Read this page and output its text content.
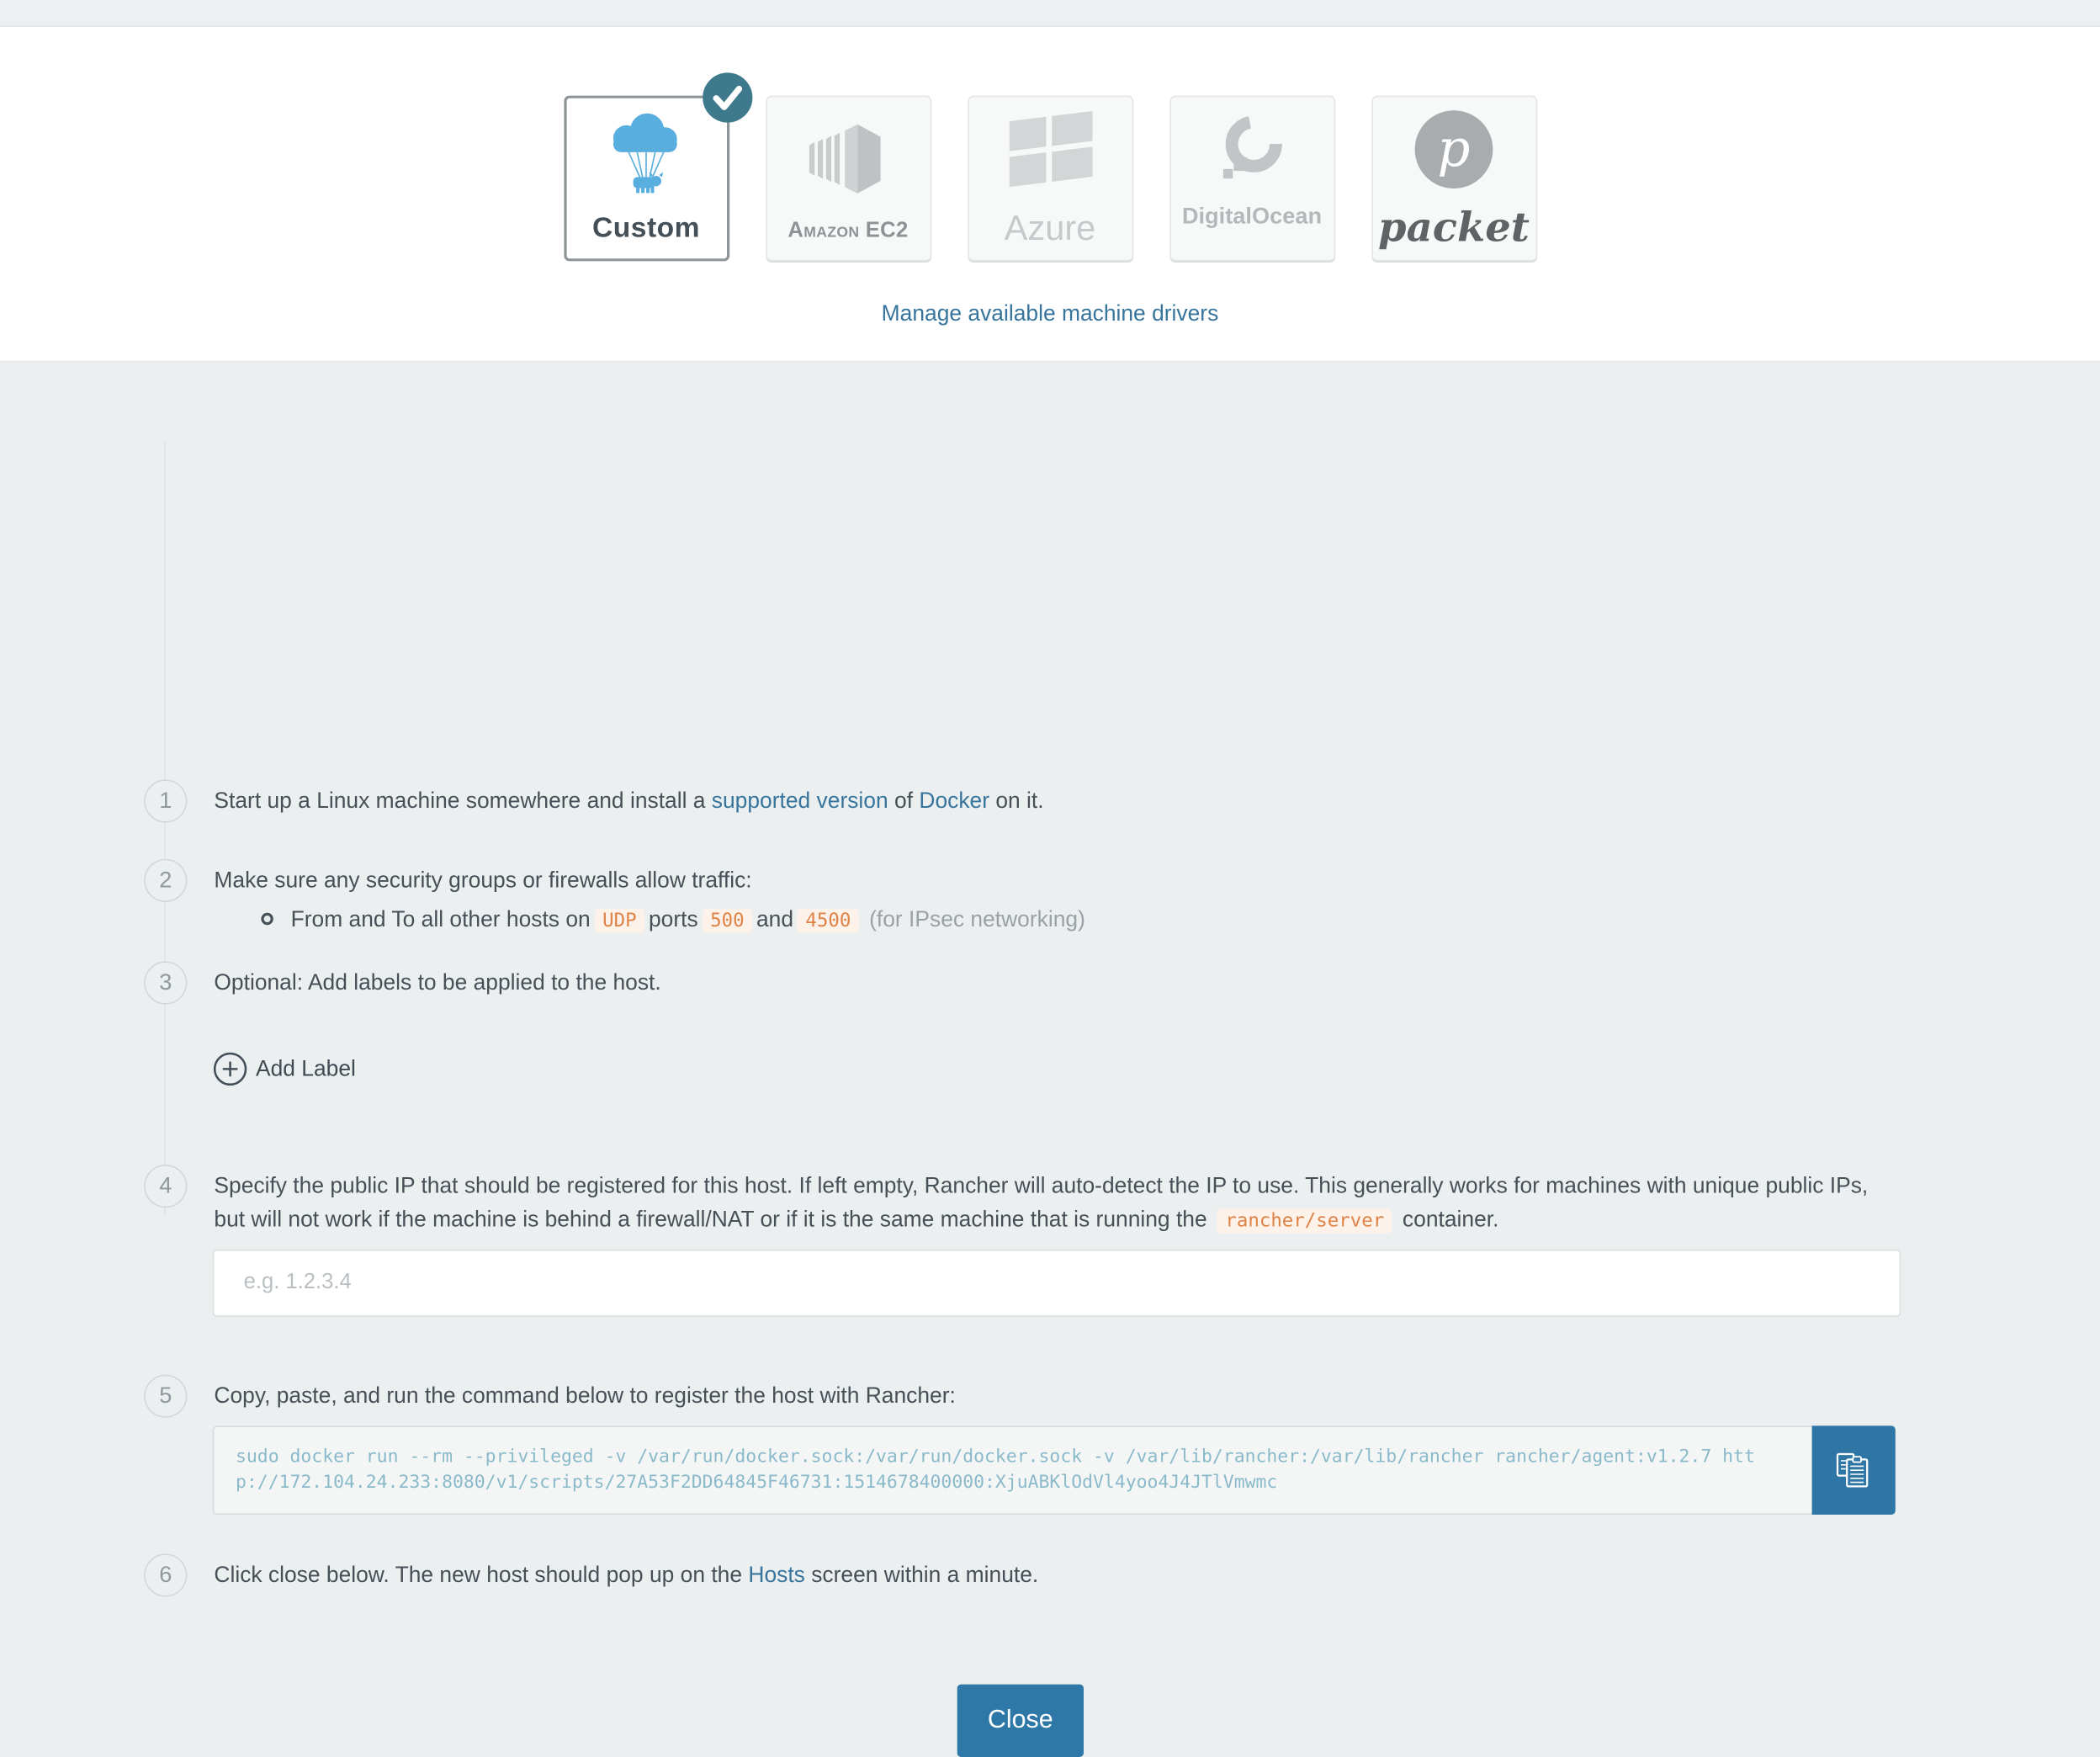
Custom	Amazon EC2	Azure	DigitalOcean
p
packet
Manage available machine drivers
1	Start up a Linux machine somewhere and install a supported version of Docker on it.
2	Make sure any security groups or firewalls allow traffic:
From and To all other hosts on UDP ports 500 and 4500 (for IPsec networking)
3	Optional: Add labels to be applied to the host.
Add Label
4	Specify the public IP that should be registered for this host. If left empty, Rancher will auto-detect the IP to use. This generally works for machines with unique public IPs, but will not work if the machine is behind a firewall/NAT or if it is the same machine that is running the rancher/server container.
e.g. 1.2.3.4
5	Copy, paste, and run the command below to register the host with Rancher:
sudo docker run --rm --privileged -v /var/run/docker.sock:/var/run/docker.sock -v /var/lib/rancher:/var/lib/rancher rancher/agent:v1.2.7 http://172.104.24.233:8080/v1/scripts/27A53F2DD64845F46731:1514678400000:XjuABKlOdVl4yoo4J4JTlVmwmc
6	Click close below. The new host should pop up on the Hosts screen within a minute.
Close
